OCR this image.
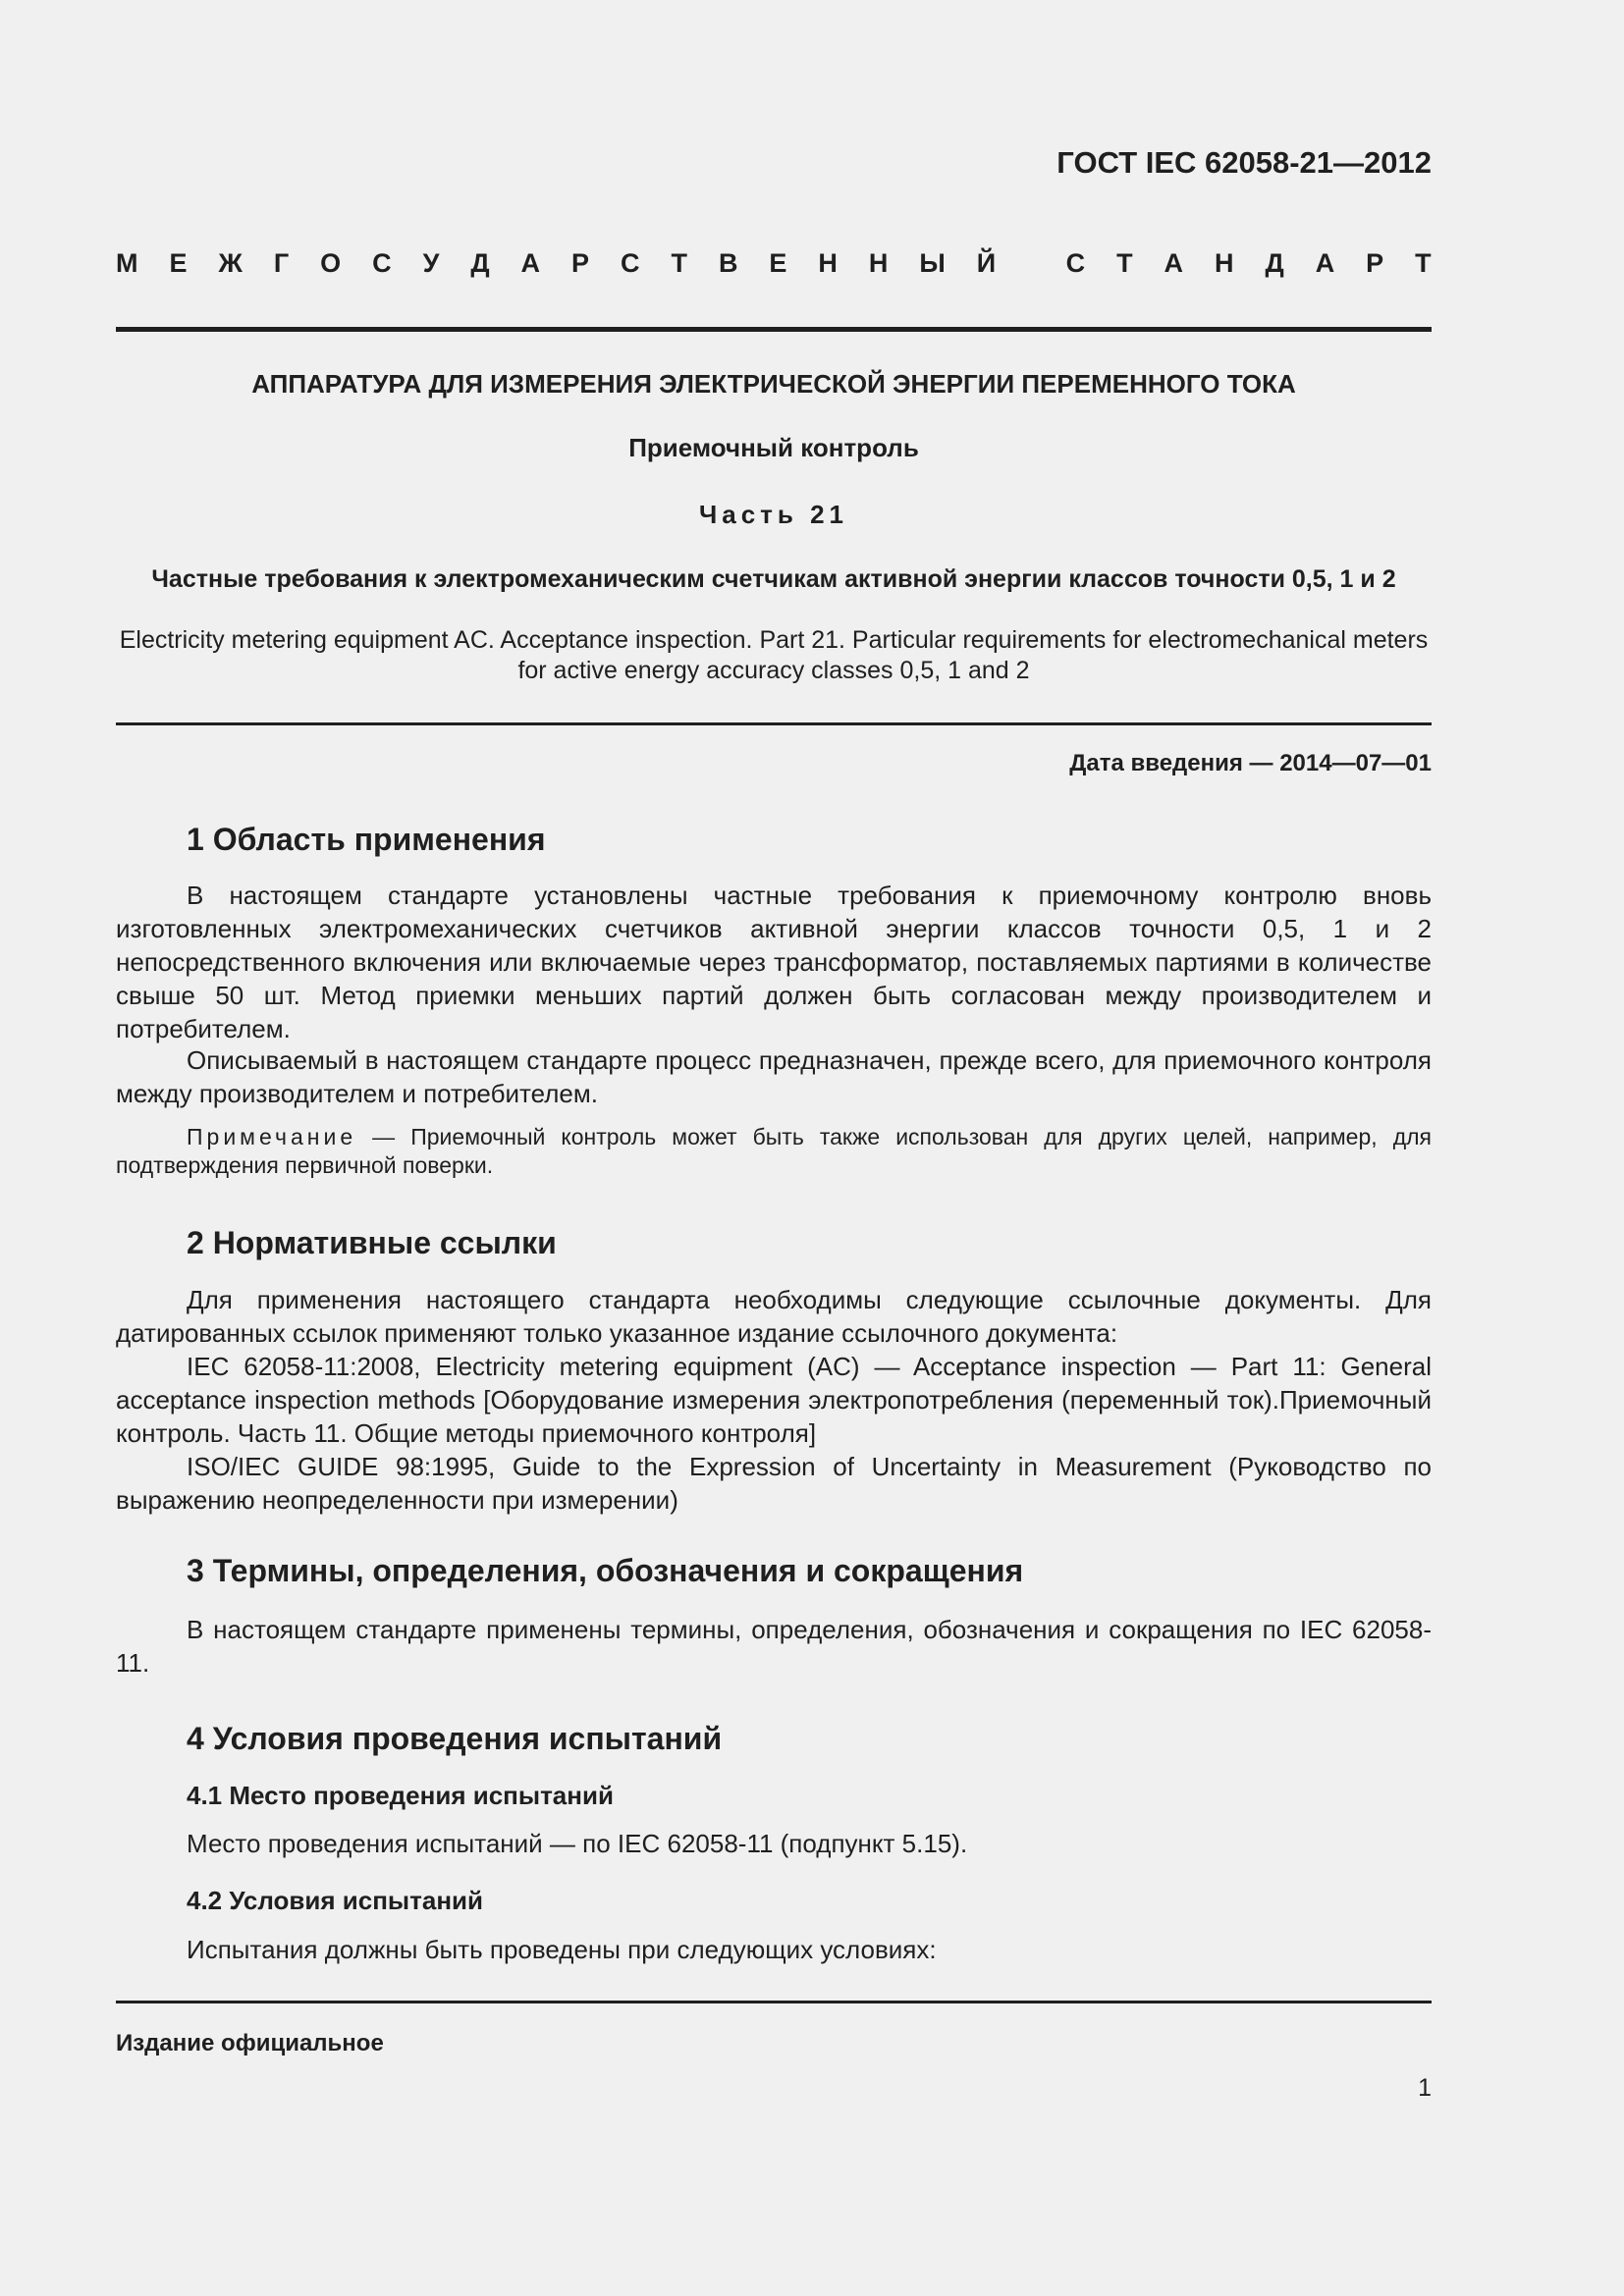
ГОСТ IEC 62058-21—2012
М Е Ж Г О С У Д А Р С Т В Е Н Н Ы Й
	С Т А Н Д А Р Т
АППАРАТУРА ДЛЯ ИЗМЕРЕНИЯ ЭЛЕКТРИЧЕСКОЙ ЭНЕРГИИ ПЕРЕМЕННОГО ТОКА
Приемочный контроль
Часть 21
Частные требования к электромеханическим счетчикам активной энергии классов точности 0,5, 1 и 2
Electricity metering equipment AC. Acceptance inspection. Part 21. Particular requirements for electromechanical meters
for active energy accuracy classes 0,5, 1 and 2
Дата введения — 2014—07—01
1 Область применения
В настоящем стандарте установлены частные требования к приемочному контролю вновь изготовленных электромеханических счетчиков активной энергии классов точности 0,5, 1 и 2 непосредственного включения или включаемые через трансформатор, поставляемых партиями в количестве свыше 50 шт. Метод приемки меньших партий должен быть согласован между производителем и потребителем.
Описываемый в настоящем стандарте процесс предназначен, прежде всего, для приемочного контроля между производителем и потребителем.
Примечание — Приемочный контроль может быть также использован для других целей, например, для подтверждения первичной поверки.
2 Нормативные ссылки
Для применения настоящего стандарта необходимы следующие ссылочные документы. Для датированных ссылок применяют только указанное издание ссылочного документа:
IEC 62058-11:2008, Electricity metering equipment (AC) — Acceptance inspection — Part 11: General acceptance inspection methods [Оборудование измерения электропотребления (переменный ток).Приемочный контроль. Часть 11. Общие методы приемочного контроля]
ISO/IEC GUIDE 98:1995, Guide to the Expression of Uncertainty in Measurement (Руководство по выражению неопределенности при измерении)
3 Термины, определения, обозначения и сокращения
В настоящем стандарте применены термины, определения, обозначения и сокращения по IEC 62058-11.
4 Условия проведения испытаний
4.1 Место проведения испытаний
Место проведения испытаний — по IEC 62058-11 (подпункт 5.15).
4.2 Условия испытаний
Испытания должны быть проведены при следующих условиях:
Издание официальное
1
